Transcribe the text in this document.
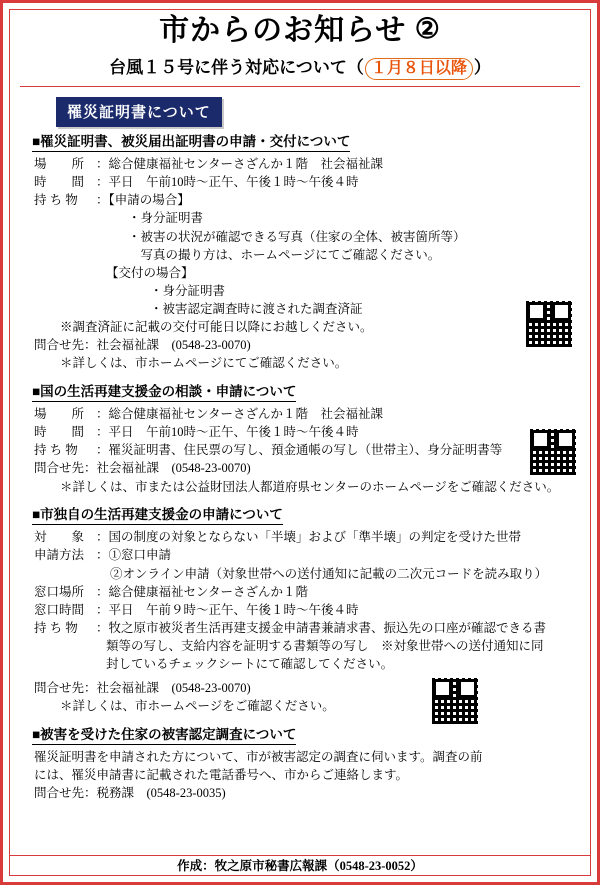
市からのお知らせ ②
台風１５号に伴う対応について（ １月８日以降 ）
罹災証明書について
■罹災証明書、被災届出証明書の申請・交付について
場　　所 ：総合健康福祉センターさざんか１階　社会福祉課
時　　間 ：平日　午前10時～正午、午後１時～午後４時
持 ち 物 ：【申請の場合】
・身分証明書
・被害の状況が確認できる写真（住家の全体、被害箇所等）
　写真の撮り方は、ホームページにてご確認ください。
【交付の場合】
・身分証明書
・被害認定調査時に渡された調査済証
※調査済証に記載の交付可能日以降にお越しください。
問合せ先：社会福祉課　(0548-23-0070)
＊詳しくは、市ホームページにてご確認ください。
■国の生活再建支援金の相談・申請について
場　　所 ：総合健康福祉センターさざんか１階　社会福祉課
時　　間 ：平日　午前10時～正午、午後１時～午後４時
持 ち 物 ：罹災証明書、住民票の写し、預金通帳の写し（世帯主）、身分証明書等
問合せ先：社会福祉課　(0548-23-0070)
＊詳しくは、市または公益財団法人都道府県センターのホームページをご確認ください。
■市独自の生活再建支援金の申請について
対　　象 ：国の制度の対象とならない「半壊」および「準半壊」の判定を受けた世帯
申請方法 ：①窓口申請
②オンライン申請（対象世帯への送付通知に記載の二次元コードを読み取り）
窓口場所 ：総合健康福祉センターさざんか１階
窓口時間 ：平日　午前９時～正午、午後１時～午後４時
持 ち 物 ：牧之原市被災者生活再建支援金申請書兼請求書、振込先の口座が確認できる書
類等の写し、支給内容を証明する書類等の写し　※対象世帯への送付通知に同
封しているチェックシートにて確認してください。
問合せ先：社会福祉課　(0548-23-0070)
＊詳しくは、市ホームページをご確認ください。
■被害を受けた住家の被害認定調査について
罹災証明書を申請された方について、市が被害認定の調査に伺います。調査の前
には、罹災申請書に記載された電話番号へ、市からご連絡します。
問合せ先：税務課　(0548-23-0035)
作成：牧之原市秘書広報課（0548-23-0052）
